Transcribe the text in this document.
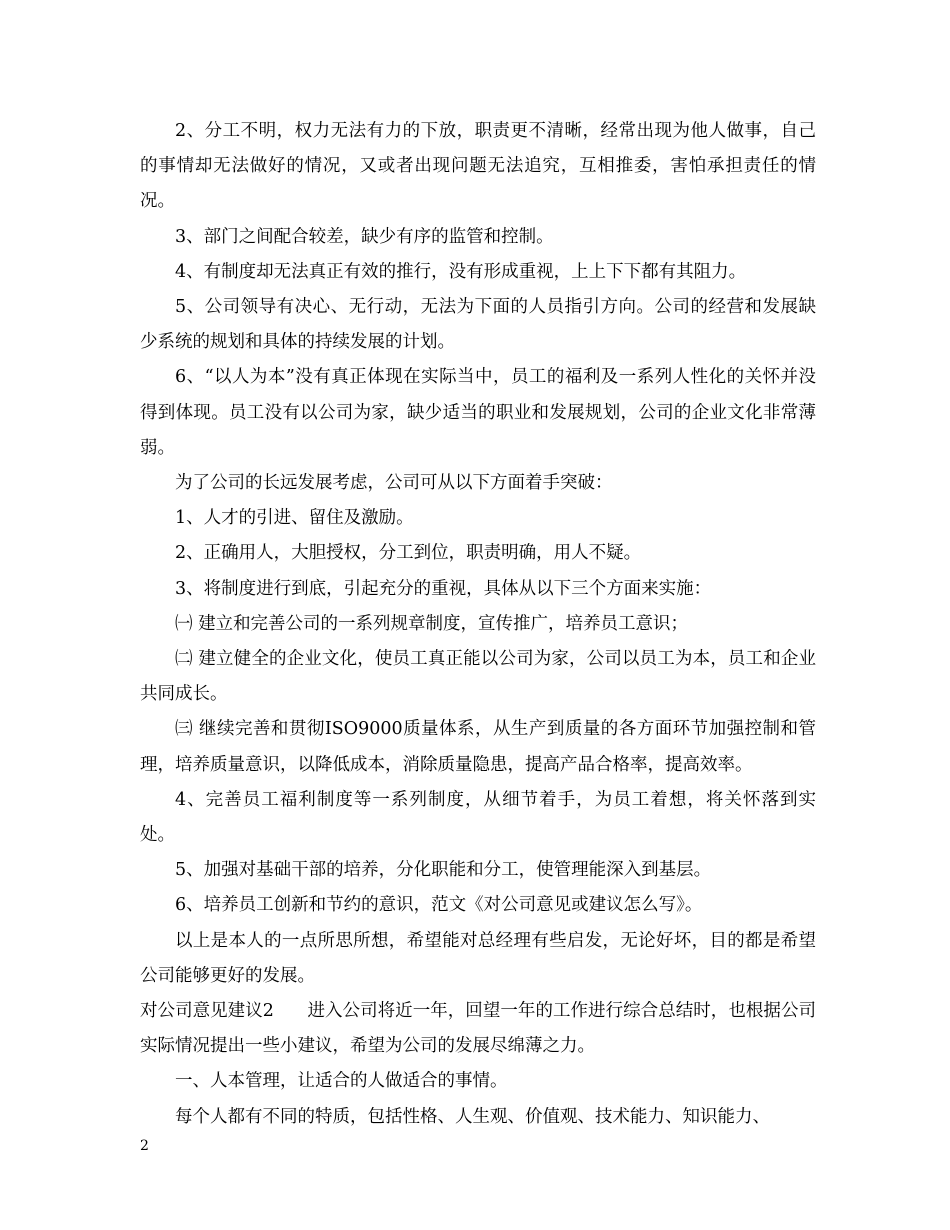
2、分工不明，权力无法有力的下放，职责更不清晰，经常出现为他人做事，自己的事情却无法做好的情况，又或者出现问题无法追究，互相推委，害怕承担责任的情况。

3、部门之间配合较差，缺少有序的监管和控制。

4、有制度却无法真正有效的推行，没有形成重视，上上下下都有其阻力。

5、公司领导有决心、无行动，无法为下面的人员指引方向。公司的经营和发展缺少系统的规划和具体的持续发展的计划。

6、“以人为本”没有真正体现在实际当中，员工的福利及一系列人性化的关怀并没得到体现。员工没有以公司为家，缺少适当的职业和发展规划，公司的企业文化非常薄弱。

为了公司的长远发展考虑，公司可从以下方面着手突破：

1、人才的引进、留住及激励。

2、正确用人，大胆授权，分工到位，职责明确，用人不疑。

3、将制度进行到底，引起充分的重视，具体从以下三个方面来实施：

㈠ 建立和完善公司的一系列规章制度，宣传推广，培养员工意识；

㈡ 建立健全的企业文化，使员工真正能以公司为家，公司以员工为本，员工和企业共同成长。

㈢ 继续完善和贯彻ISO9000质量体系，从生产到质量的各方面环节加强控制和管理，培养质量意识，以降低成本，消除质量隐患，提高产品合格率，提高效率。

4、完善员工福利制度等一系列制度，从细节着手，为员工着想，将关怀落到实处。

5、加强对基础干部的培养，分化职能和分工，使管理能深入到基层。

6、培养员工创新和节约的意识，范文《对公司意见或建议怎么写》。

以上是本人的一点所思所想，希望能对总经理有些启发，无论好坏，目的都是希望公司能够更好的发展。

对公司意见建议2      进入公司将近一年，回望一年的工作进行综合总结时，也根据公司实际情况提出一些小建议，希望为公司的发展尽绵薄之力。

一、人本管理，让适合的人做适合的事情。

每个人都有不同的特质，包括性格、人生观、价值观、技术能力、知识能力、

2
